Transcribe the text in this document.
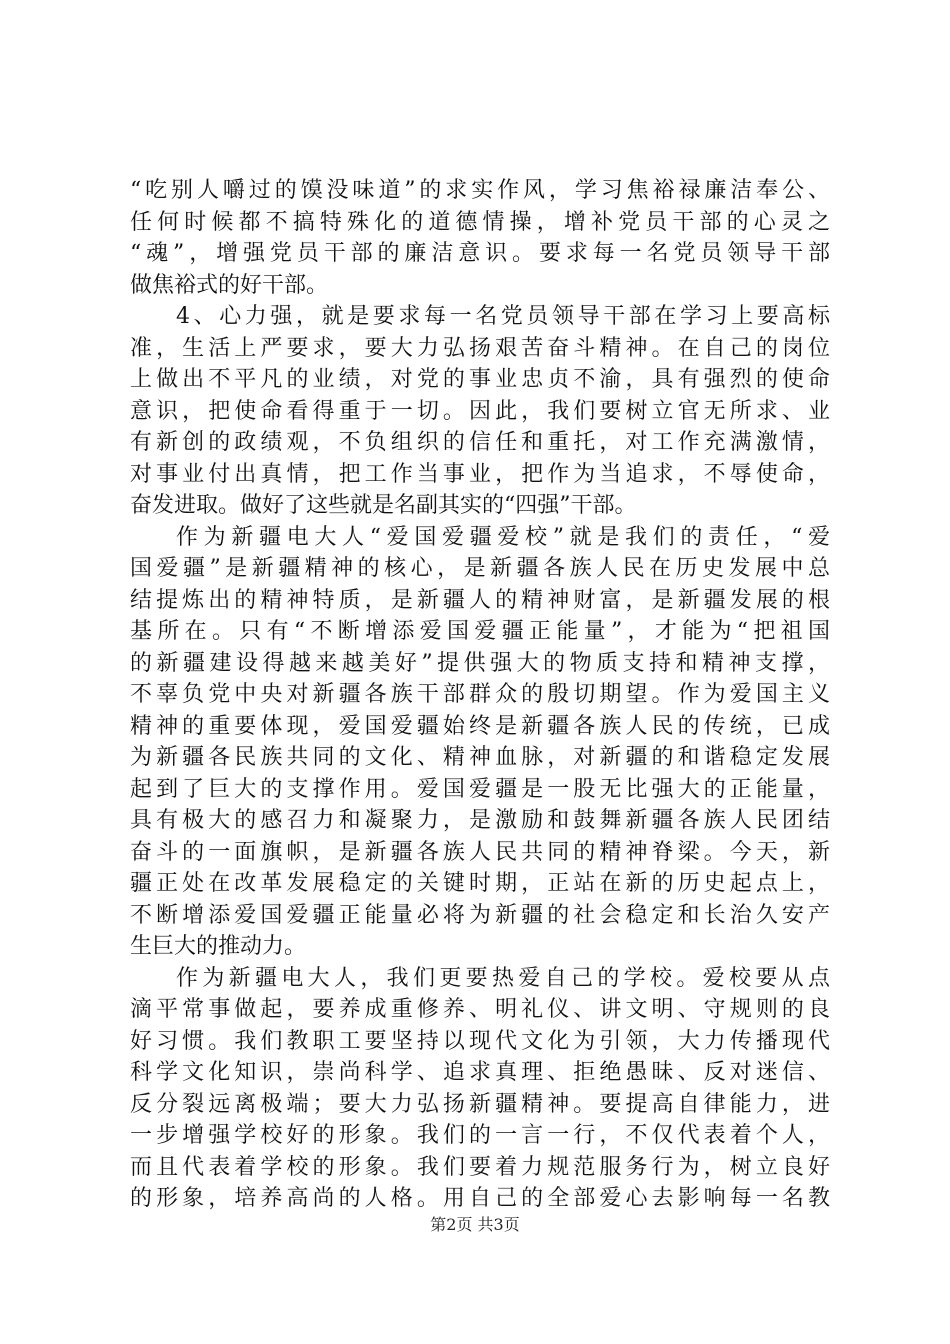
“吃别人嚼过的馍没味道”的求实作风，学习焦裕禄廉洁奉公、
任何时候都不搞特殊化的道德情操，增补党员干部的心灵之
“魂”，增强党员干部的廉洁意识。要求每一名党员领导干部
做焦裕式的好干部。
4、心力强，就是要求每一名党员领导干部在学习上要高标
准，生活上严要求，要大力弘扬艰苦奋斗精神。在自己的岗位
上做出不平凡的业绩，对党的事业忠贞不渝，具有强烈的使命
意识，把使命看得重于一切。因此，我们要树立官无所求、业
有新创的政绩观，不负组织的信任和重托，对工作充满激情，
对事业付出真情，把工作当事业，把作为当追求，不辱使命，
奋发进取。做好了这些就是名副其实的“四强”干部。
作为新疆电大人“爱国爱疆爱校”就是我们的责任，“爱
国爱疆”是新疆精神的核心，是新疆各族人民在历史发展中总
结提炼出的精神特质，是新疆人的精神财富，是新疆发展的根
基所在。只有“不断增添爱国爱疆正能量”，才能为“把祖国
的新疆建设得越来越美好”提供强大的物质支持和精神支撑，
不辜负党中央对新疆各族干部群众的殷切期望。作为爱国主义
精神的重要体现，爱国爱疆始终是新疆各族人民的传统，已成
为新疆各民族共同的文化、精神血脉，对新疆的和谐稳定发展
起到了巨大的支撑作用。爱国爱疆是一股无比强大的正能量，
具有极大的感召力和凝聚力，是激励和鼓舞新疆各族人民团结
奋斗的一面旗帜，是新疆各族人民共同的精神脊梁。今天，新
疆正处在改革发展稳定的关键时期，正站在新的历史起点上，
不断增添爱国爱疆正能量必将为新疆的社会稳定和长治久安产
生巨大的推动力。
作为新疆电大人，我们更要热爱自己的学校。爱校要从点
滴平常事做起，要养成重修养、明礼仪、讲文明、守规则的良
好习惯。我们教职工要坚持以现代文化为引领，大力传播现代
科学文化知识，崇尚科学、追求真理、拒绝愚昧、反对迷信、
反分裂远离极端；要大力弘扬新疆精神。要提高自律能力，进
一步增强学校好的形象。我们的一言一行，不仅代表着个人，
而且代表着学校的形象。我们要着力规范服务行为，树立良好
的形象，培养高尚的人格。用自己的全部爱心去影响每一名教
第2页 共3页
